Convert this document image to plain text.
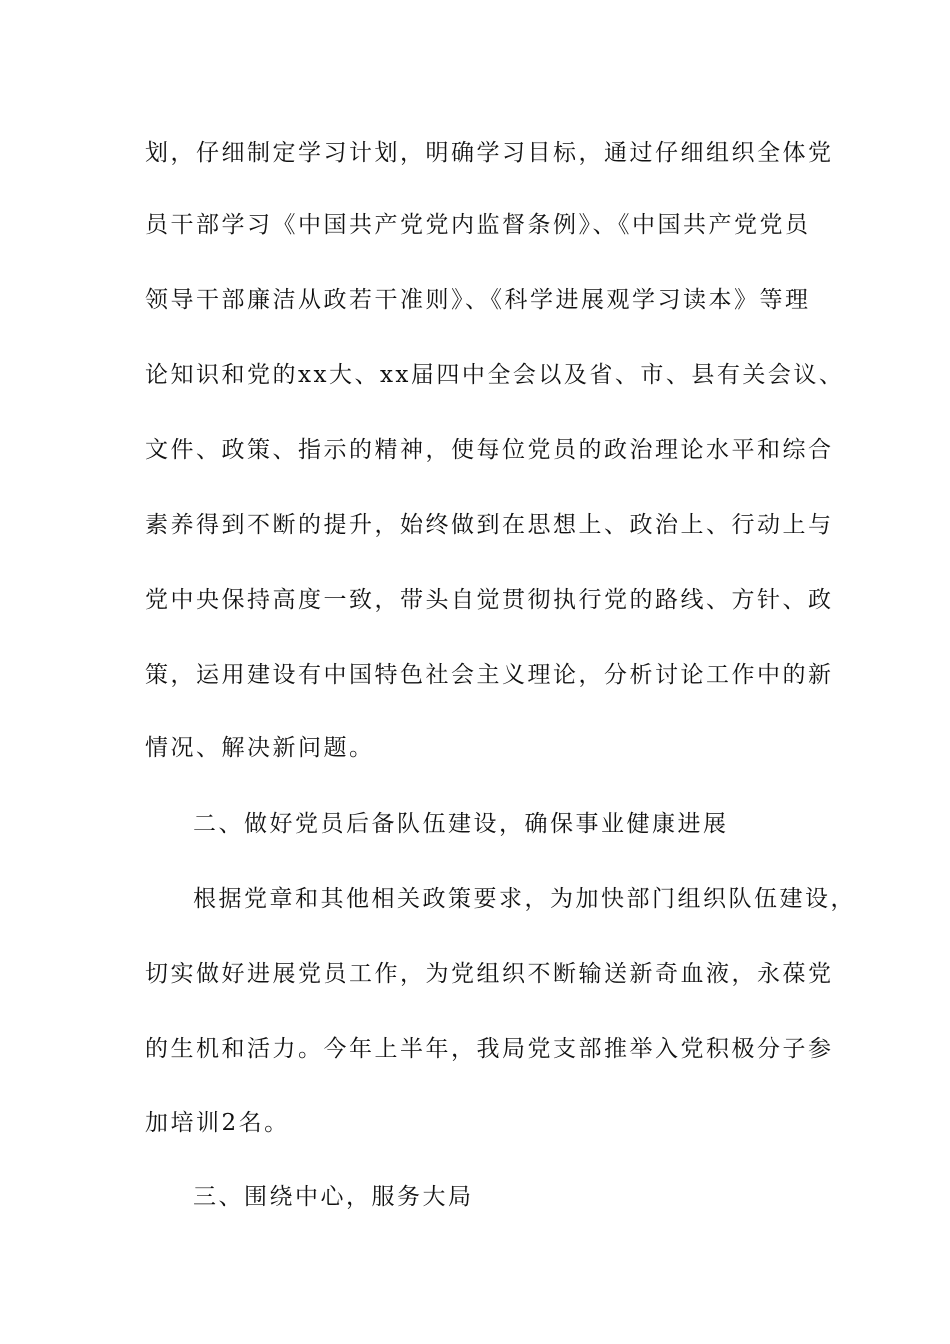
划，仔细制定学习计划，明确学习目标，通过仔细组织全体党
员干部学习《中国共产党党内监督条例》、《中国共产党党员
领导干部廉洁从政若干准则》、《科学进展观学习读本》等理
论知识和党的xx大、xx届四中全会以及省、市、县有关会议、
文件、政策、指示的精神，使每位党员的政治理论水平和综合
素养得到不断的提升，始终做到在思想上、政治上、行动上与
党中央保持高度一致，带头自觉贯彻执行党的路线、方针、政
策，运用建设有中国特色社会主义理论，分析讨论工作中的新
情况、解决新问题。
二、做好党员后备队伍建设，确保事业健康进展
根据党章和其他相关政策要求，为加快部门组织队伍建设，
切实做好进展党员工作，为党组织不断输送新奇血液，永葆党
的生机和活力。今年上半年，我局党支部推举入党积极分子参
加培训2名。
三、围绕中心，服务大局
